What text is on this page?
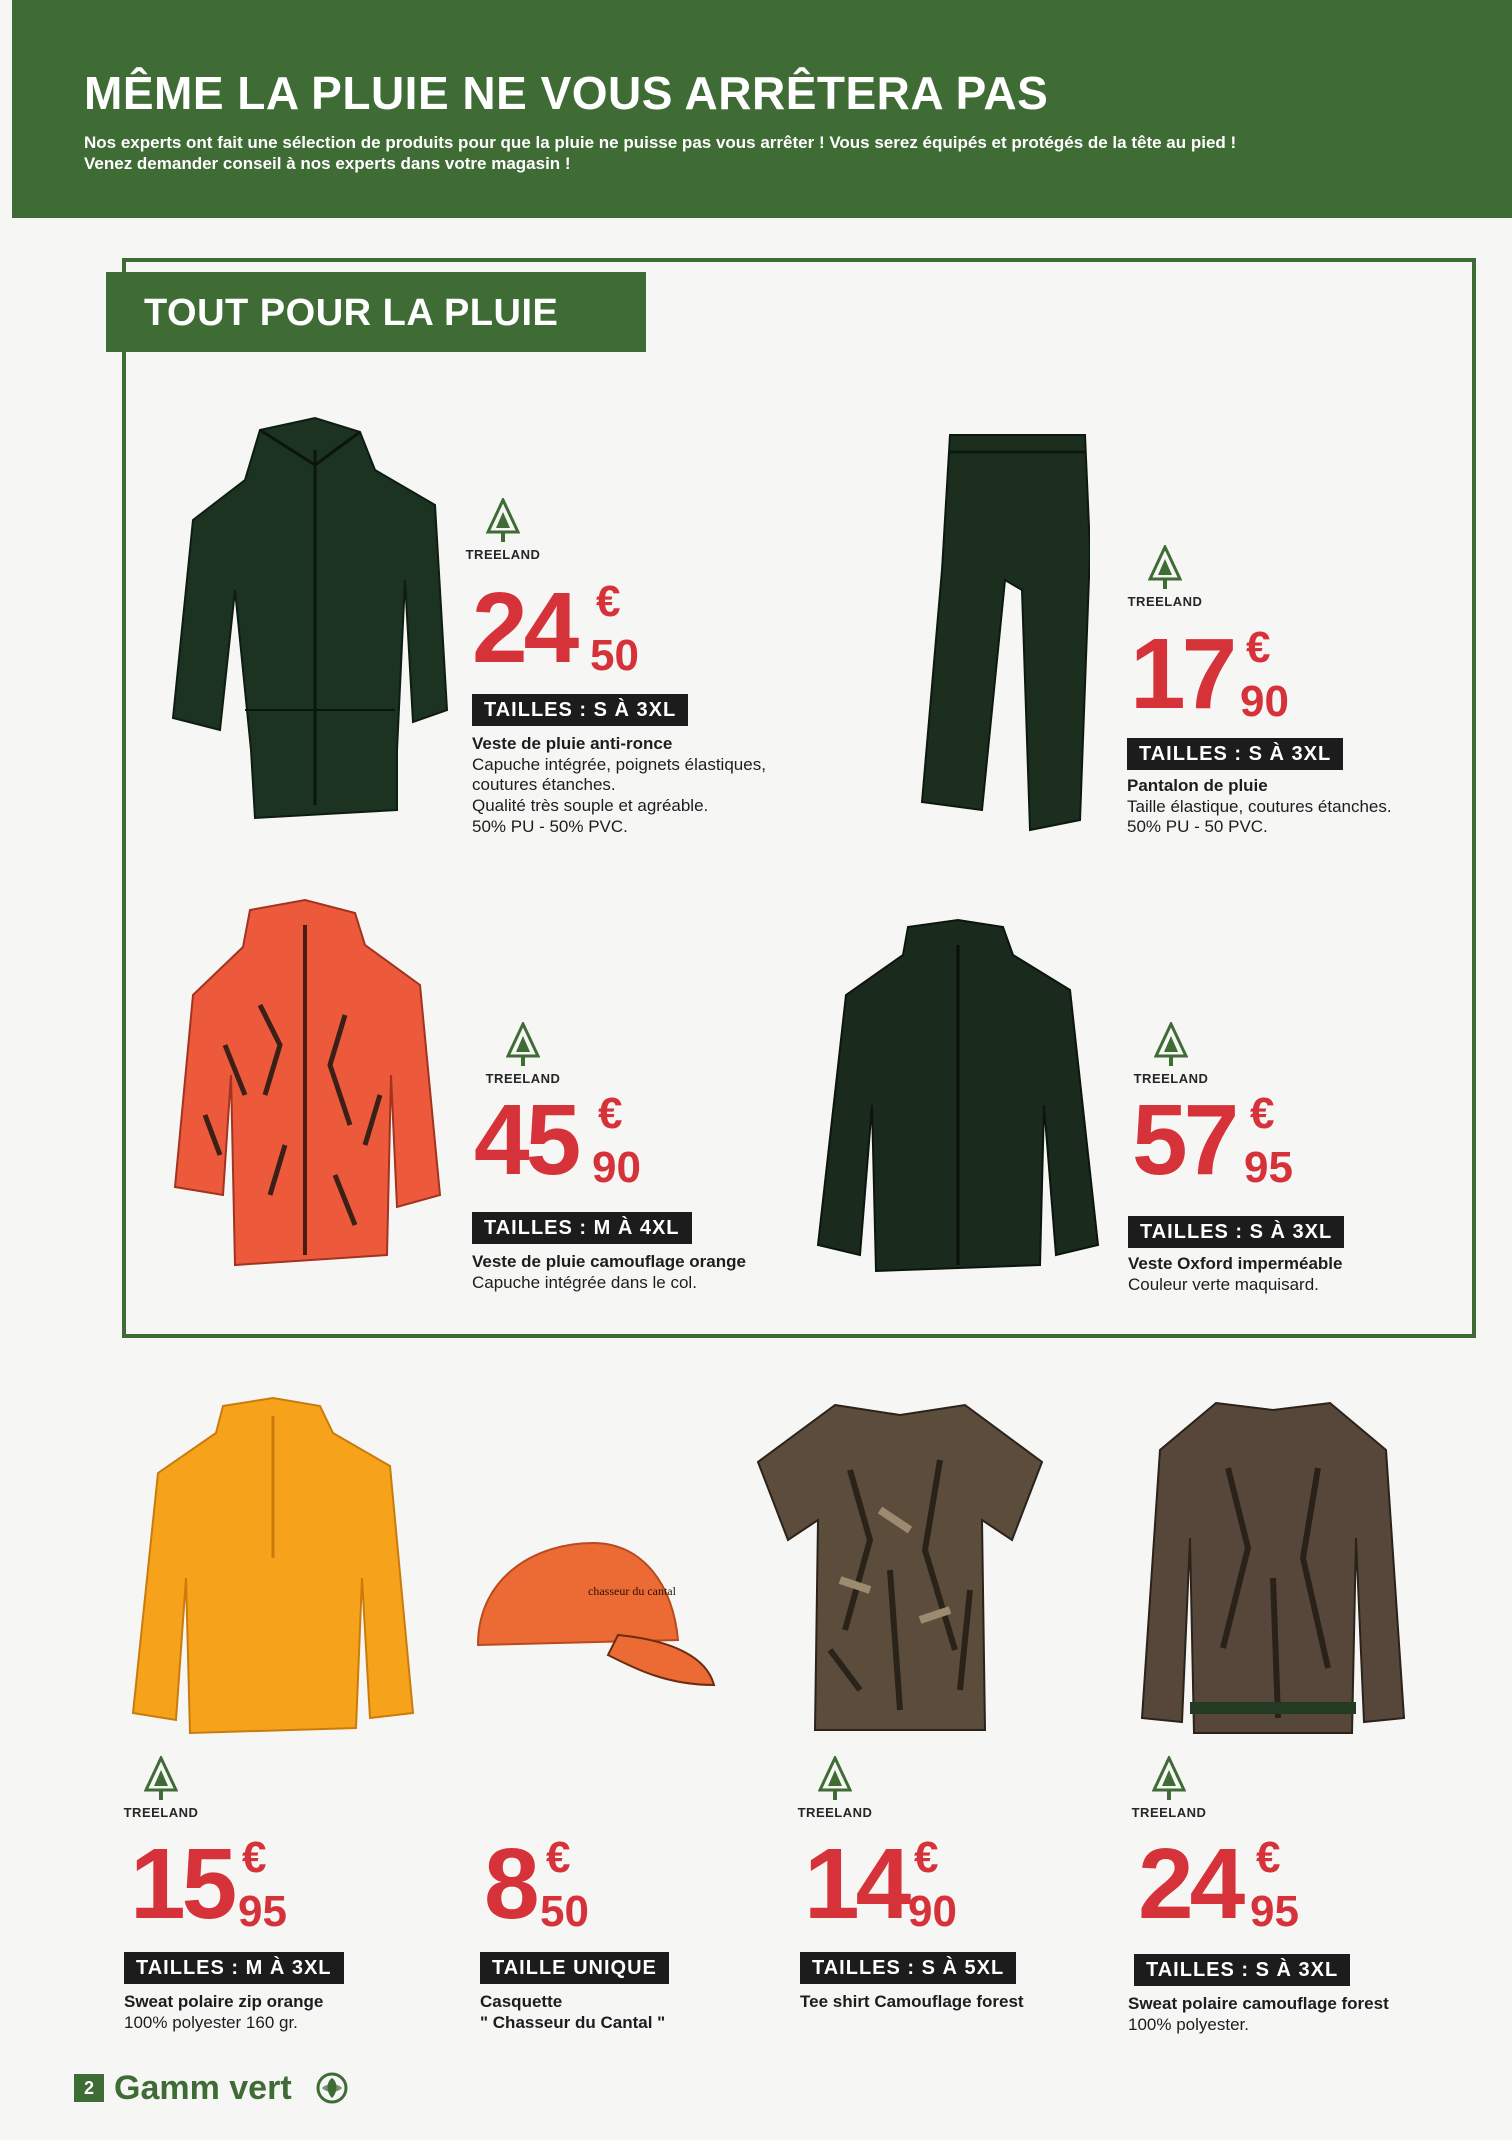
MÊME LA PLUIE NE VOUS ARRÊTERA PAS

Nos experts ont fait une sélection de produits pour que la pluie ne puisse pas vous arrêter ! Vous serez équipés et protégés de la tête au pied !
Venez demander conseil à nos experts dans votre magasin !

TOUT POUR LA PLUIE
chasseur du cantal
TREELAND
24 €
50
TAILLES : S À 3XL
Veste de pluie anti-ronce
Capuche intégrée, poignets élastiques,
coutures étanches.
Qualité très souple et agréable.
50% PU - 50% PVC.
TREELAND
17 €
90
TAILLES : S À 3XL
Pantalon de pluie
Taille élastique, coutures étanches.
50% PU - 50 PVC.
TREELAND
45 €
90
TAILLES : M À 4XL
Veste de pluie camouflage orange
Capuche intégrée dans le col.
TREELAND
57 €
95
TAILLES : S À 3XL
Veste Oxford imperméable
Couleur verte maquisard.
TREELAND
15 €
95
TAILLES : M À 3XL
Sweat polaire zip orange
100% polyester 160 gr.
8 €
50
TAILLE UNIQUE
Casquette
" Chasseur du Cantal "
TREELAND
14 €
90
TAILLES : S À 5XL
Tee shirt Camouflage forest
TREELAND
24 €
95
TAILLES : S À 3XL
Sweat polaire camouflage forest
100% polyester.
2 Gamm vert
